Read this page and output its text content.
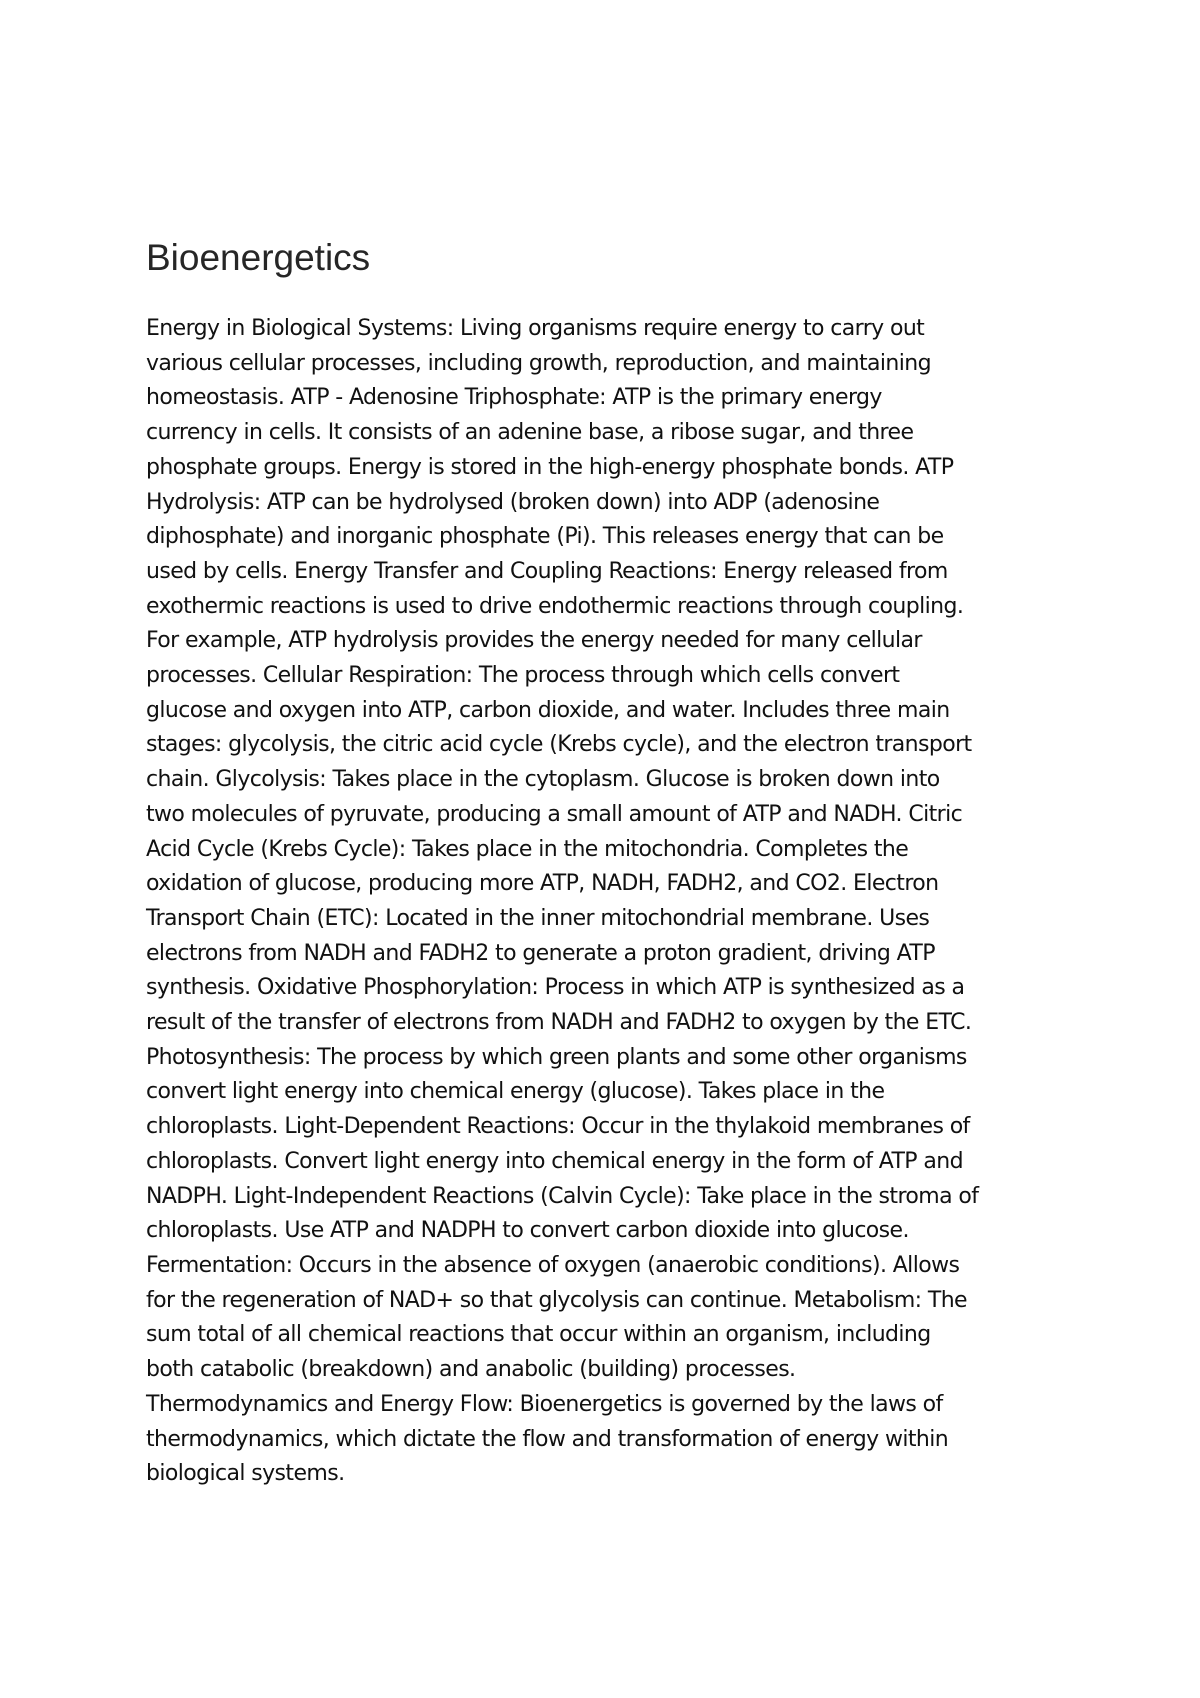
Bioenergetics
Energy in Biological Systems: Living organisms require energy to carry out
various cellular processes, including growth, reproduction, and maintaining
homeostasis. ATP - Adenosine Triphosphate: ATP is the primary energy
currency in cells. It consists of an adenine base, a ribose sugar, and three
phosphate groups. Energy is stored in the high-energy phosphate bonds. ATP
Hydrolysis: ATP can be hydrolysed (broken down) into ADP (adenosine
diphosphate) and inorganic phosphate (Pi). This releases energy that can be
used by cells. Energy Transfer and Coupling Reactions: Energy released from
exothermic reactions is used to drive endothermic reactions through coupling.
For example, ATP hydrolysis provides the energy needed for many cellular
processes. Cellular Respiration: The process through which cells convert
glucose and oxygen into ATP, carbon dioxide, and water. Includes three main
stages: glycolysis, the citric acid cycle (Krebs cycle), and the electron transport
chain. Glycolysis: Takes place in the cytoplasm. Glucose is broken down into
two molecules of pyruvate, producing a small amount of ATP and NADH. Citric
Acid Cycle (Krebs Cycle): Takes place in the mitochondria. Completes the
oxidation of glucose, producing more ATP, NADH, FADH2, and CO2. Electron
Transport Chain (ETC): Located in the inner mitochondrial membrane. Uses
electrons from NADH and FADH2 to generate a proton gradient, driving ATP
synthesis. Oxidative Phosphorylation: Process in which ATP is synthesized as a
result of the transfer of electrons from NADH and FADH2 to oxygen by the ETC.
Photosynthesis: The process by which green plants and some other organisms
convert light energy into chemical energy (glucose). Takes place in the
chloroplasts. Light-Dependent Reactions: Occur in the thylakoid membranes of
chloroplasts. Convert light energy into chemical energy in the form of ATP and
NADPH. Light-Independent Reactions (Calvin Cycle): Take place in the stroma of
chloroplasts. Use ATP and NADPH to convert carbon dioxide into glucose.
Fermentation: Occurs in the absence of oxygen (anaerobic conditions). Allows
for the regeneration of NAD+ so that glycolysis can continue. Metabolism: The
sum total of all chemical reactions that occur within an organism, including
both catabolic (breakdown) and anabolic (building) processes.
Thermodynamics and Energy Flow: Bioenergetics is governed by the laws of
thermodynamics, which dictate the flow and transformation of energy within
biological systems.
